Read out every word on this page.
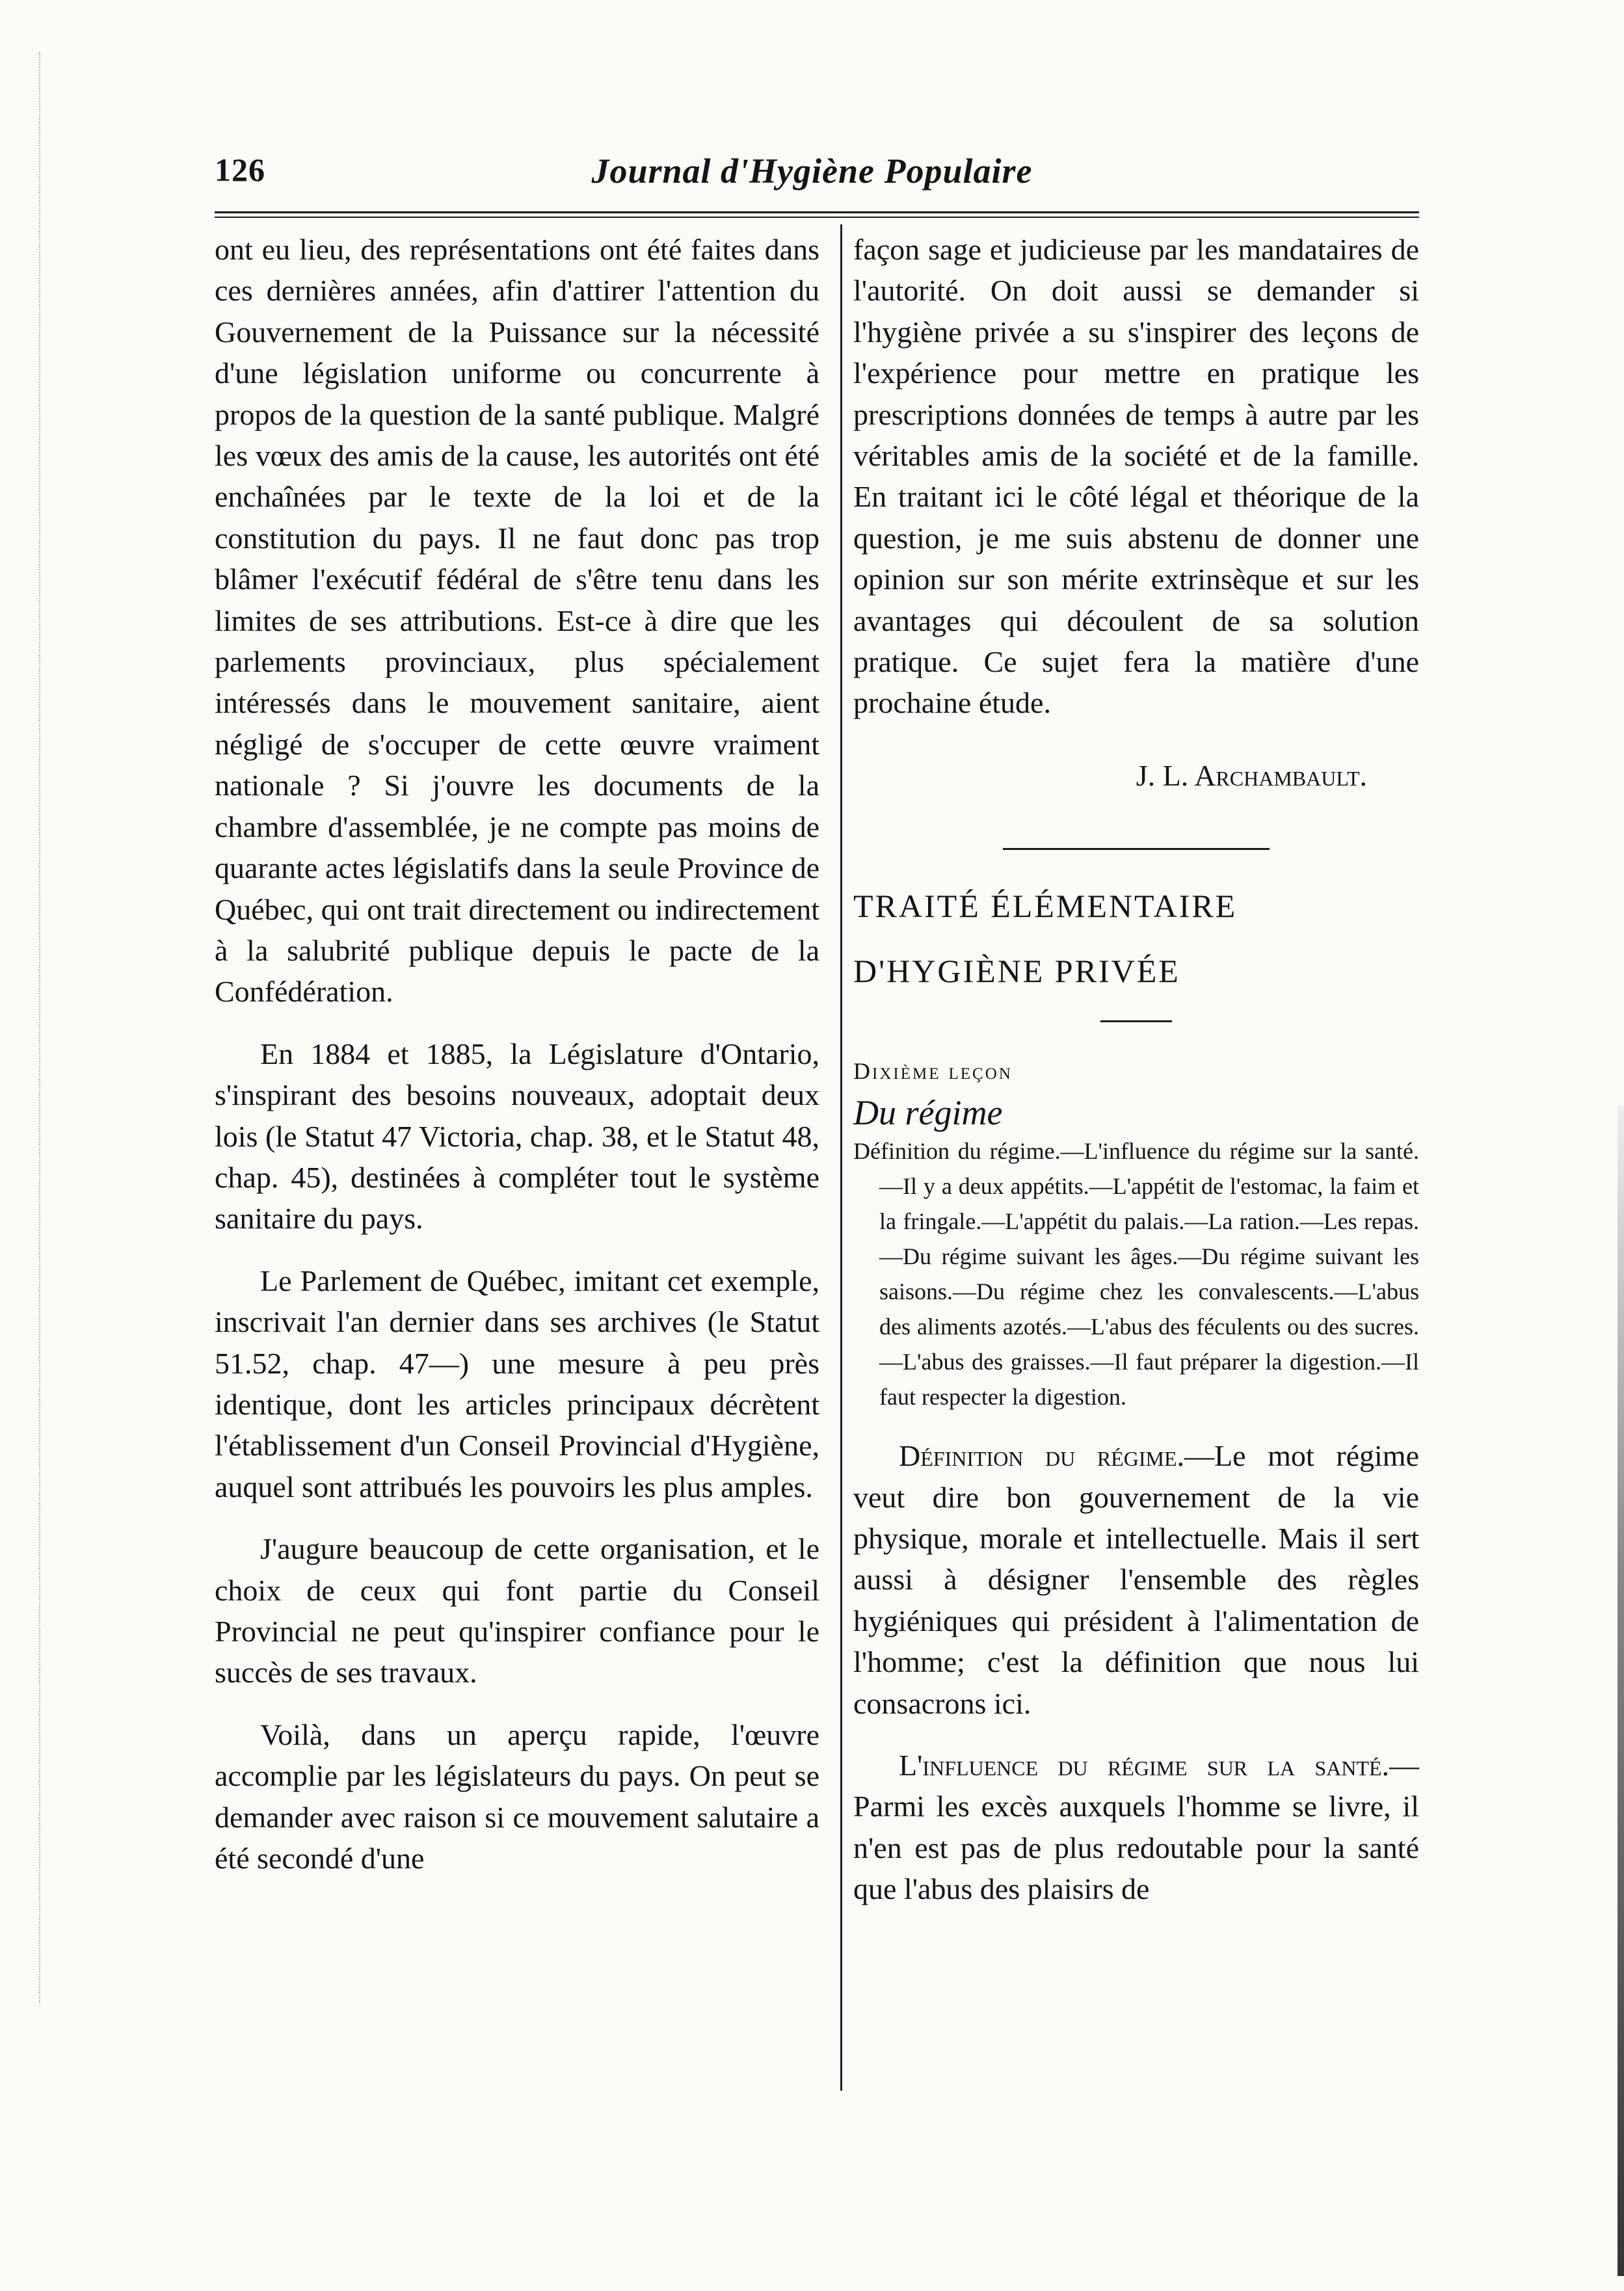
126	Journal d'Hygiène Populaire

ont eu lieu, des représentations ont été faites dans ces dernières années, afin d'attirer l'attention du Gouvernement de la Puissance sur la nécessité d'une législation uniforme ou concurrente à propos de la question de la santé publique. Malgré les vœux des amis de la cause, les autorités ont été enchaînées par le texte de la loi et de la constitution du pays. Il ne faut donc pas trop blâmer l'exécutif fédéral de s'être tenu dans les limites de ses attributions. Est-ce à dire que les parlements provinciaux, plus spécialement intéressés dans le mouvement sanitaire, aient négligé de s'occuper de cette œuvre vraiment nationale ? Si j'ouvre les documents de la chambre d'assemblée, je ne compte pas moins de quarante actes législatifs dans la seule Province de Québec, qui ont trait directement ou indirectement à la salubrité publique depuis le pacte de la Confédération.

En 1884 et 1885, la Législature d'Ontario, s'inspirant des besoins nouveaux, adoptait deux lois (le Statut 47 Victoria, chap. 38, et le Statut 48, chap. 45), destinées à compléter tout le système sanitaire du pays.

Le Parlement de Québec, imitant cet exemple, inscrivait l'an dernier dans ses archives (le Statut 51.52, chap. 47—) une mesure à peu près identique, dont les articles principaux décrètent l'établissement d'un Conseil Provincial d'Hygiène, auquel sont attribués les pouvoirs les plus amples.

J'augure beaucoup de cette organisation, et le choix de ceux qui font partie du Conseil Provincial ne peut qu'inspirer confiance pour le succès de ses travaux.

Voilà, dans un aperçu rapide, l'œuvre accomplie par les législateurs du pays. On peut se demander avec raison si ce mouvement salutaire a été secondé d'une

façon sage et judicieuse par les mandataires de l'autorité. On doit aussi se demander si l'hygiène privée a su s'inspirer des leçons de l'expérience pour mettre en pratique les prescriptions données de temps à autre par les véritables amis de la société et de la famille. En traitant ici le côté légal et théorique de la question, je me suis abstenu de donner une opinion sur son mérite extrinsèque et sur les avantages qui découlent de sa solution pratique. Ce sujet fera la matière d'une prochaine étude.

J. L. Archambault.

TRAITÉ ÉLÉMENTAIRE

D'HYGIÈNE PRIVÉE

Dixième leçon

Du régime

Définition du régime.—L'influence du régime sur la santé.—Il y a deux appétits.—L'appétit de l'estomac, la faim et la fringale.—L'appétit du palais.—La ration.—Les repas.—Du régime suivant les âges.—Du régime suivant les saisons.—Du régime chez les convalescents.—L'abus des aliments azotés.—L'abus des féculents ou des sucres.—L'abus des graisses.—Il faut préparer la digestion.—Il faut respecter la digestion.

Définition du régime.—Le mot régime veut dire bon gouvernement de la vie physique, morale et intellectuelle. Mais il sert aussi à désigner l'ensemble des règles hygiéniques qui président à l'alimentation de l'homme; c'est la définition que nous lui consacrons ici.

L'influence du régime sur la santé.—Parmi les excès auxquels l'homme se livre, il n'en est pas de plus redoutable pour la santé que l'abus des plaisirs de
